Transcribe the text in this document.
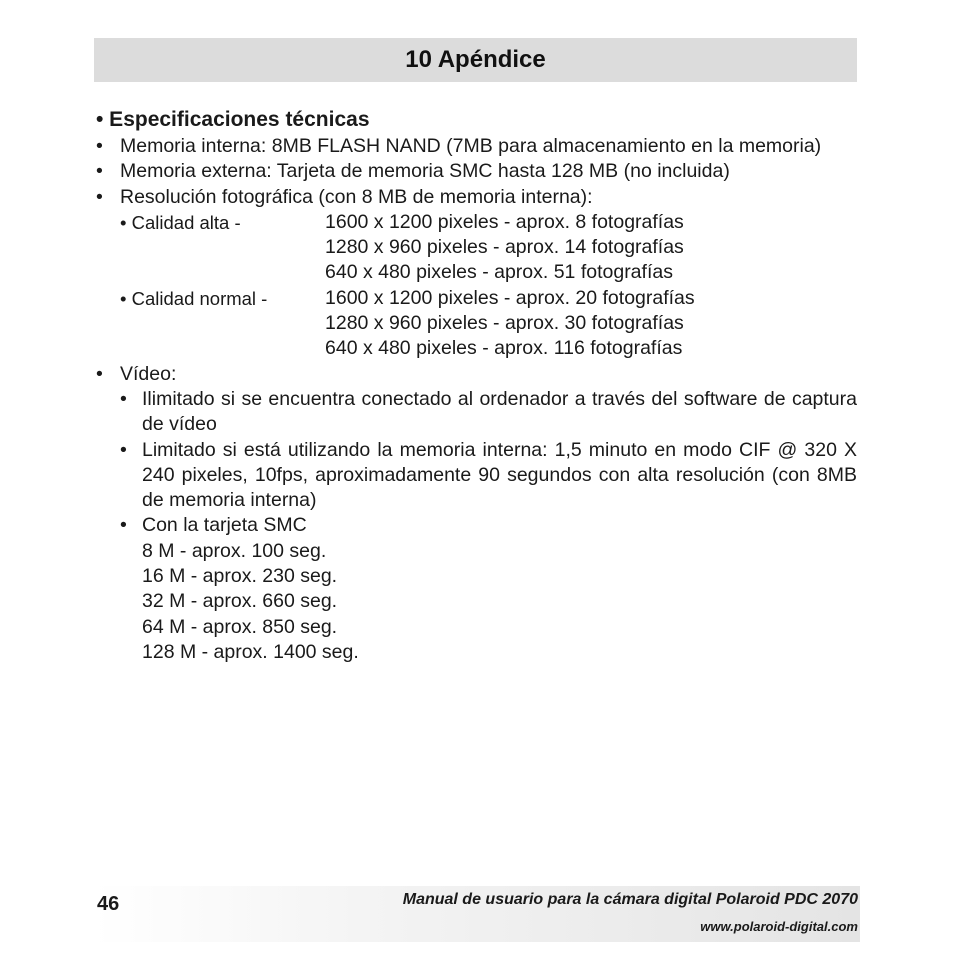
10 Apéndice
• Especificaciones técnicas
• Memoria interna: 8MB FLASH NAND (7MB para almacenamiento en la memoria)
• Memoria externa: Tarjeta de memoria SMC hasta 128 MB (no incluida)
• Resolución fotográfica (con 8 MB de memoria interna):
• Calidad alta -	1600 x 1200 pixeles - aprox. 8 fotografías
1280 x 960 pixeles - aprox. 14 fotografías
640 x 480 pixeles - aprox. 51 fotografías
• Calidad normal -	1600 x 1200 pixeles - aprox. 20 fotografías
1280 x 960 pixeles - aprox. 30 fotografías
640 x 480 pixeles - aprox. 116 fotografías
• Vídeo:
• Ilimitado si se encuentra conectado al ordenador a través del software de captura de vídeo
• Limitado si está utilizando la memoria interna: 1,5 minuto en modo CIF @ 320 X 240 pixeles, 10fps, aproximadamente 90 segundos con alta resolución (con 8MB de memoria interna)
• Con la tarjeta SMC
8 M - aprox. 100 seg.
16 M - aprox. 230 seg.
32 M - aprox. 660 seg.
64 M - aprox. 850 seg.
128 M - aprox. 1400 seg.
46	Manual de usuario para la cámara digital Polaroid PDC 2070
www.polaroid-digital.com
